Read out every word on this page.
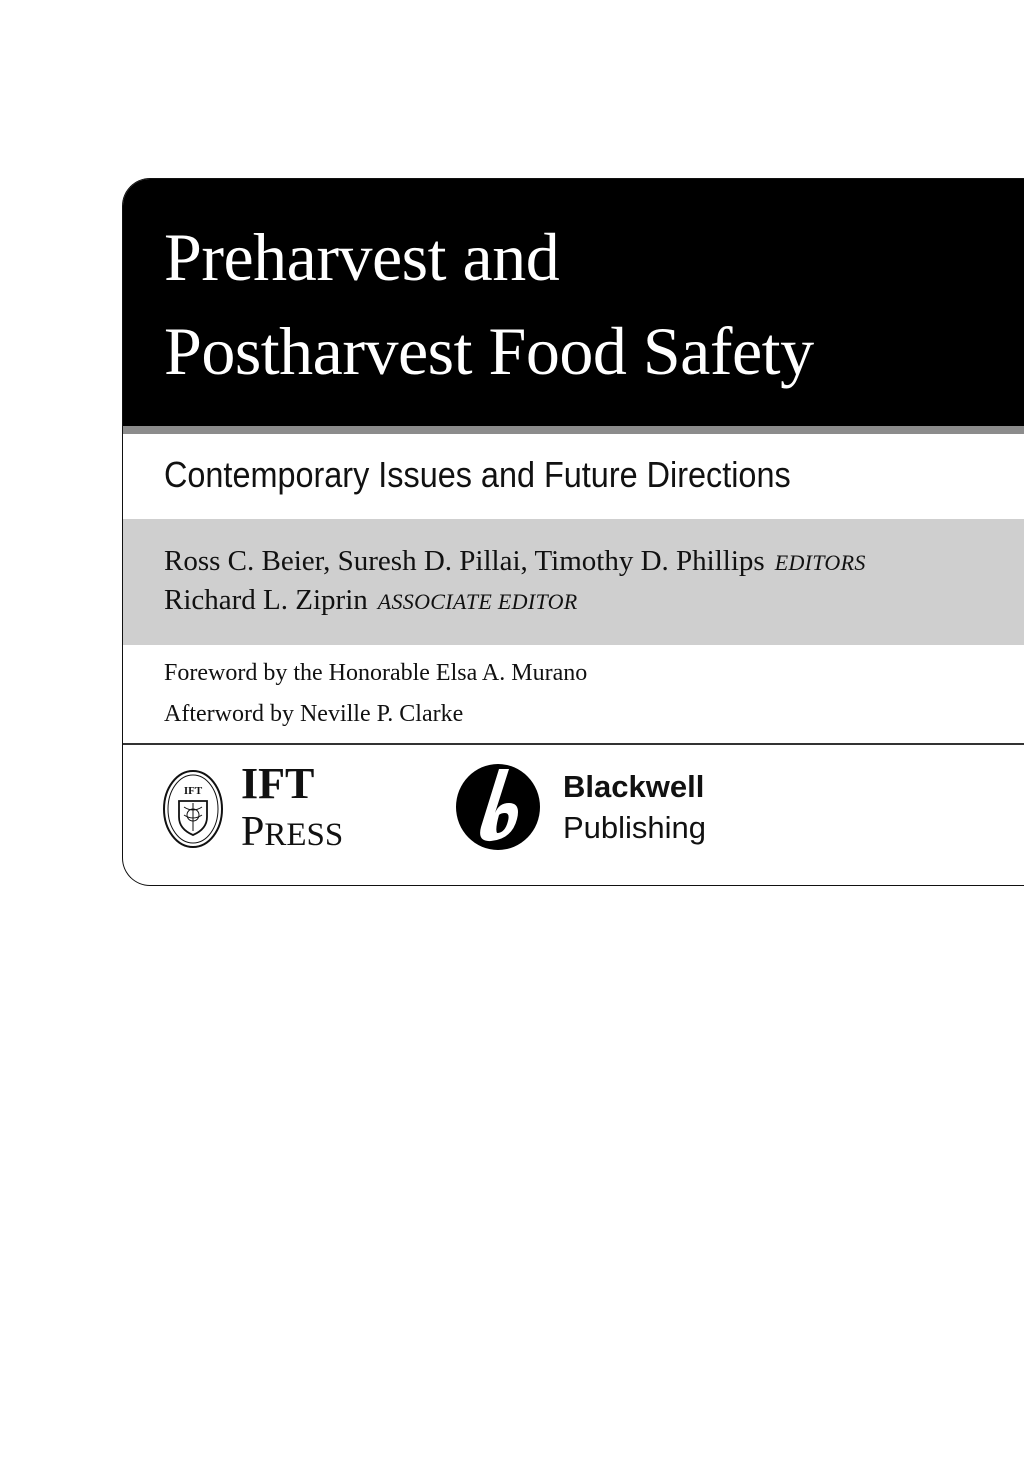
Preharvest and
Postharvest Food Safety
Contemporary Issues and Future Directions
Ross C. Beier, Suresh D. Pillai, Timothy D. Phillips EDITORS
Richard L. Ziprin ASSOCIATE EDITOR
Foreword by the Honorable Elsa A. Murano
Afterword by Neville P. Clarke
IFT IFT
PRESS
Blackwell
Publishing
